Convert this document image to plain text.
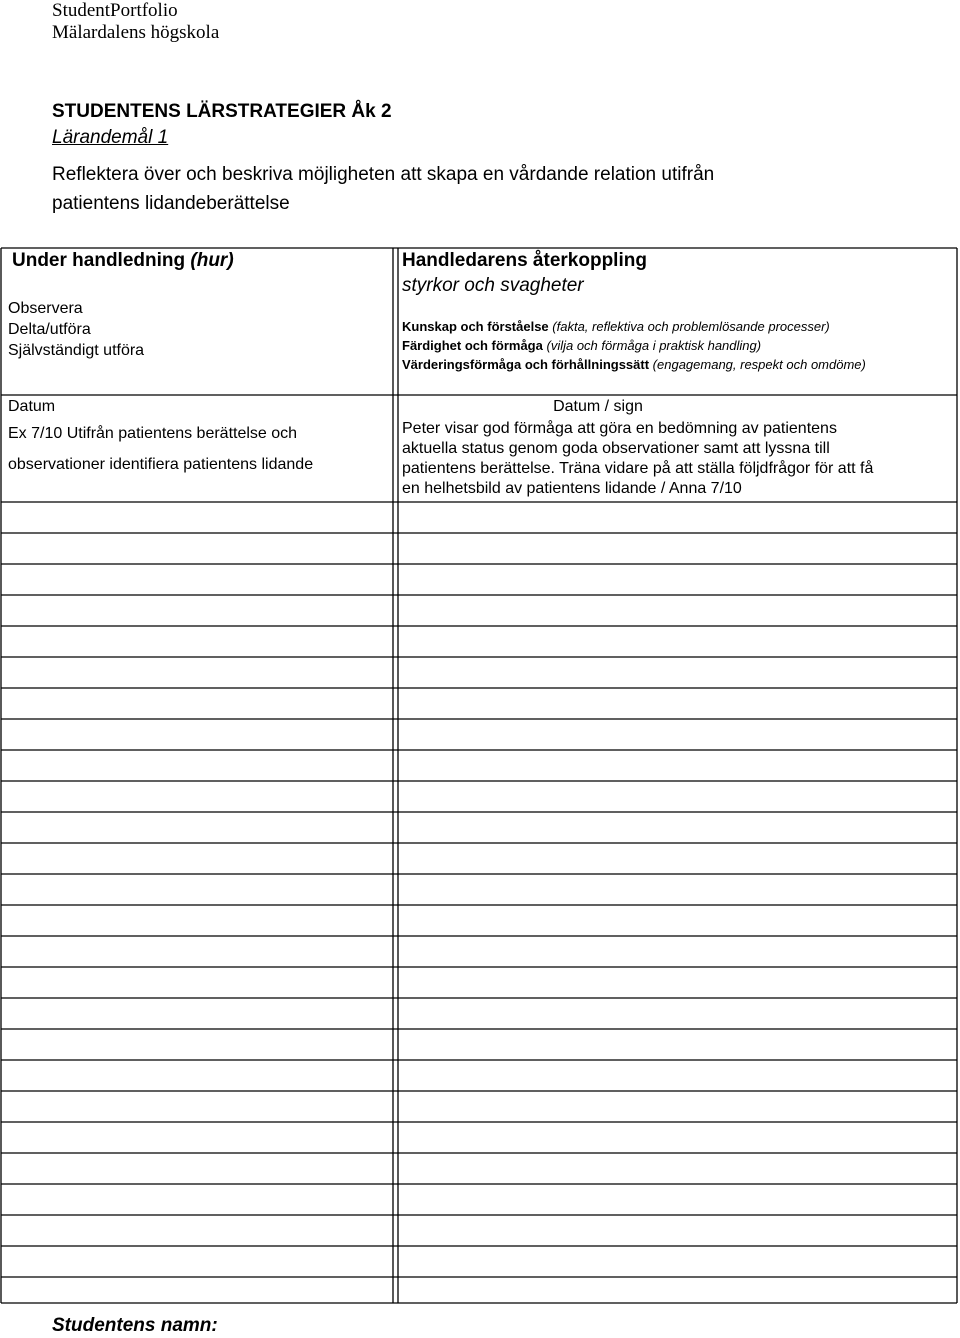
StudentPortfolio
Mälardalens högskola
STUDENTENS LÄRSTRATEGIER Åk 2
Lärandemål 1
Reflektera över och beskriva möjligheten att skapa en vårdande relation utifrån
patientens lidandeberättelse
Under handledning (hur)
Observera
Delta/utföra
Självständigt utföra
Datum
Ex 7/10 Utifrån patientens berättelse och
observationer identifiera patientens lidande
Handledarens återkoppling
styrkor och svagheter
Kunskap och förståelse (fakta, reflektiva och problemlösande processer)
Färdighet och förmåga (vilja och förmåga i praktisk handling)
Värderingsförmåga och förhållningssätt (engagemang, respekt och omdöme)
Datum / sign
Peter visar god förmåga att göra en bedömning av patientens
aktuella status genom goda observationer samt att lyssna till
patientens berättelse. Träna vidare på att ställa följdfrågor för att få
en helhetsbild av patientens lidande / Anna 7/10
Studentens namn:
